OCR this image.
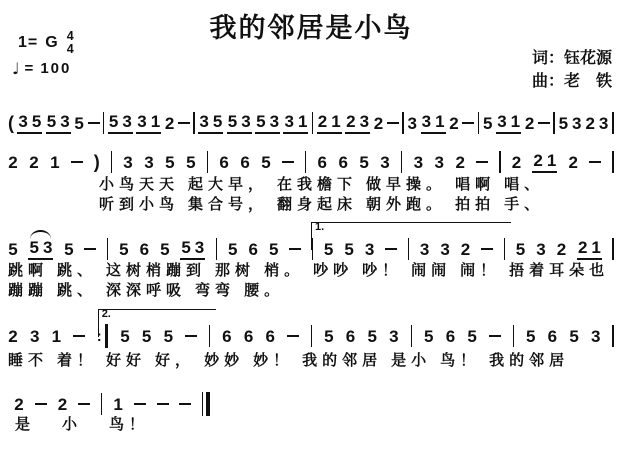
我的邻居是小鸟
1= G 4
4
♩ = 100
词：钰花源
曲：老　铁
( 3 5 5 3 5 5 3 3 1 2 3 5 5 3 5 3 3 1 2 1 2 3 2 3 3 1 2 5 3 1 2 5 3 2 3
2 2 1 ) 3 3 5 5 6 6 5	6 6 5 3 3 3 2	2 2 1 2
小鸟天天 起大早， 在我檐下 做早操。 唱啊 唱、
听到小鸟 集合号， 翻身起床 朝外跑。 拍拍 手、
1.
5 5 3 5	5 6 5 5 3 5 6 5	5 5 3	3 3 2	5 3 2 2 1
跳啊 跳、 这树梢蹦到 那树 梢。 吵吵 吵！ 闹闹 闹！ 捂着耳朵也
蹦蹦 跳、 深深呼吸 弯弯 腰。
2.
2 3 1 : 5 5 5	6 6 6	5 6 5 3 5 6 5	5 6 5 3
睡不 着！ 好好 好， 妙妙 妙！ 我的邻居 是小 鸟！ 我的邻居
2 2	1
是 小 鸟！
